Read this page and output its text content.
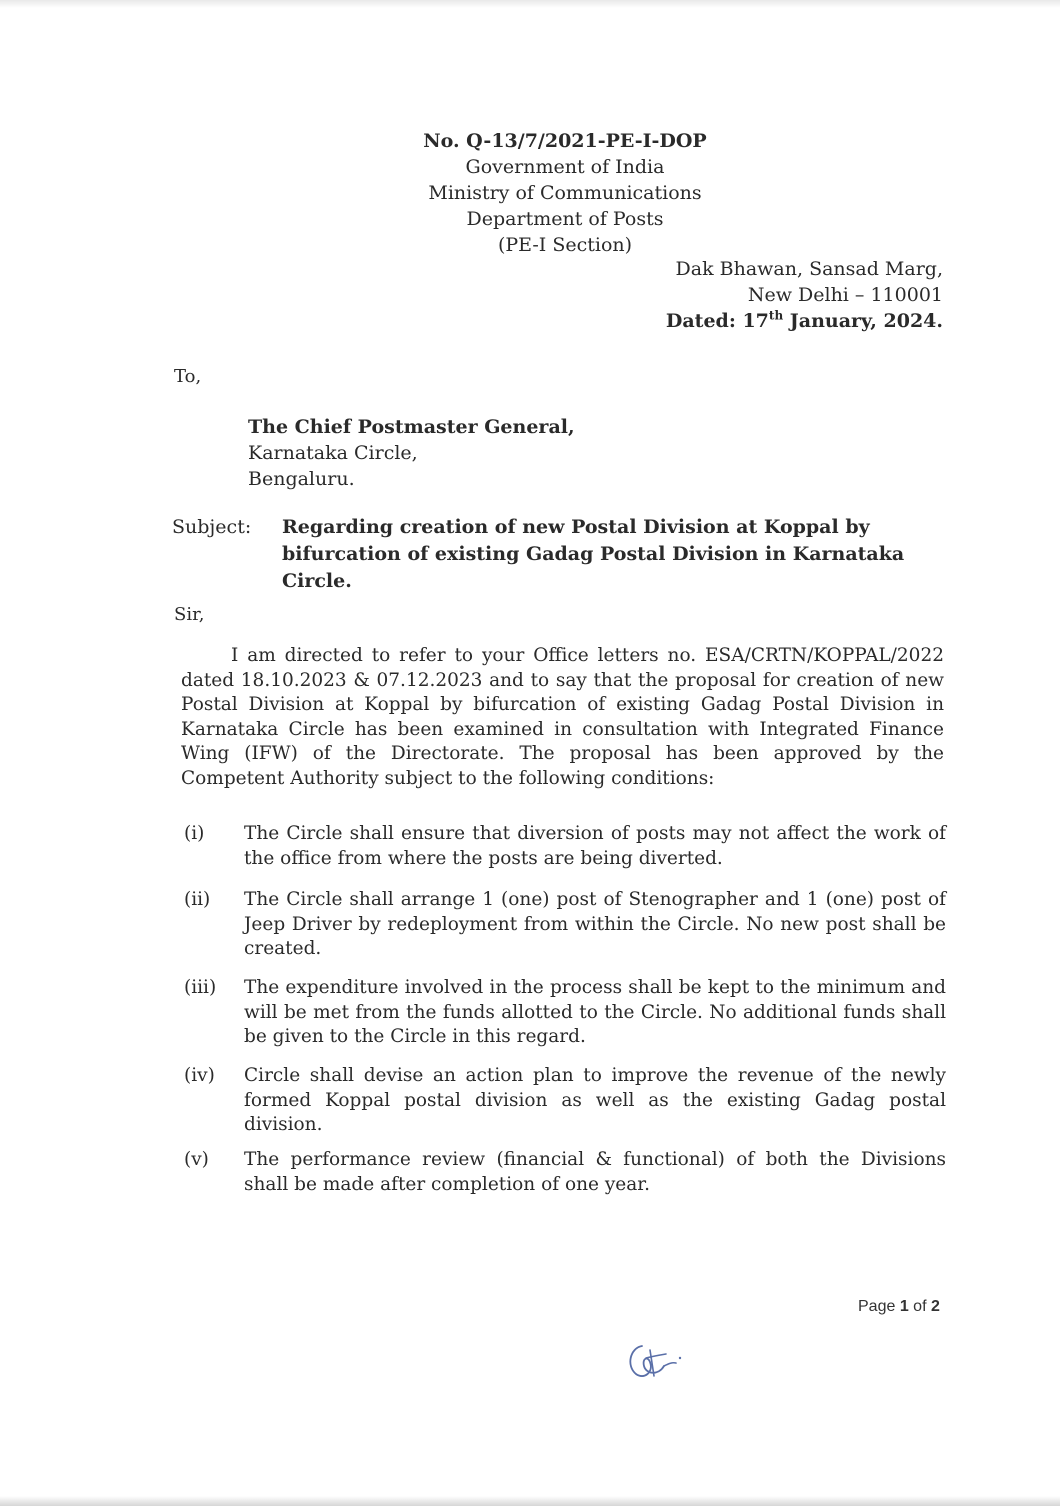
No. Q-13/7/2021-PE-I-DOP
Government of India
Ministry of Communications
Department of Posts
(PE-I Section)
Dak Bhawan, Sansad Marg,
New Delhi – 110001
Dated: 17th January, 2024.
To,
The Chief Postmaster General,
Karnataka Circle,
Bengaluru.
Subject: Regarding creation of new Postal Division at Koppal by bifurcation of existing Gadag Postal Division in Karnataka Circle.
Sir,
I am directed to refer to your Office letters no. ESA/CRTN/KOPPAL/2022 dated 18.10.2023 & 07.12.2023 and to say that the proposal for creation of new Postal Division at Koppal by bifurcation of existing Gadag Postal Division in Karnataka Circle has been examined in consultation with Integrated Finance Wing (IFW) of the Directorate. The proposal has been approved by the Competent Authority subject to the following conditions:
(i)	The Circle shall ensure that diversion of posts may not affect the work of the office from where the posts are being diverted.
(ii)	The Circle shall arrange 1 (one) post of Stenographer and 1 (one) post of Jeep Driver by redeployment from within the Circle. No new post shall be created.
(iii)	The expenditure involved in the process shall be kept to the minimum and will be met from the funds allotted to the Circle. No additional funds shall be given to the Circle in this regard.
(iv)	Circle shall devise an action plan to improve the revenue of the newly formed Koppal postal division as well as the existing Gadag postal division.
(v)	The performance review (financial & functional) of both the Divisions shall be made after completion of one year.
Page 1 of 2
